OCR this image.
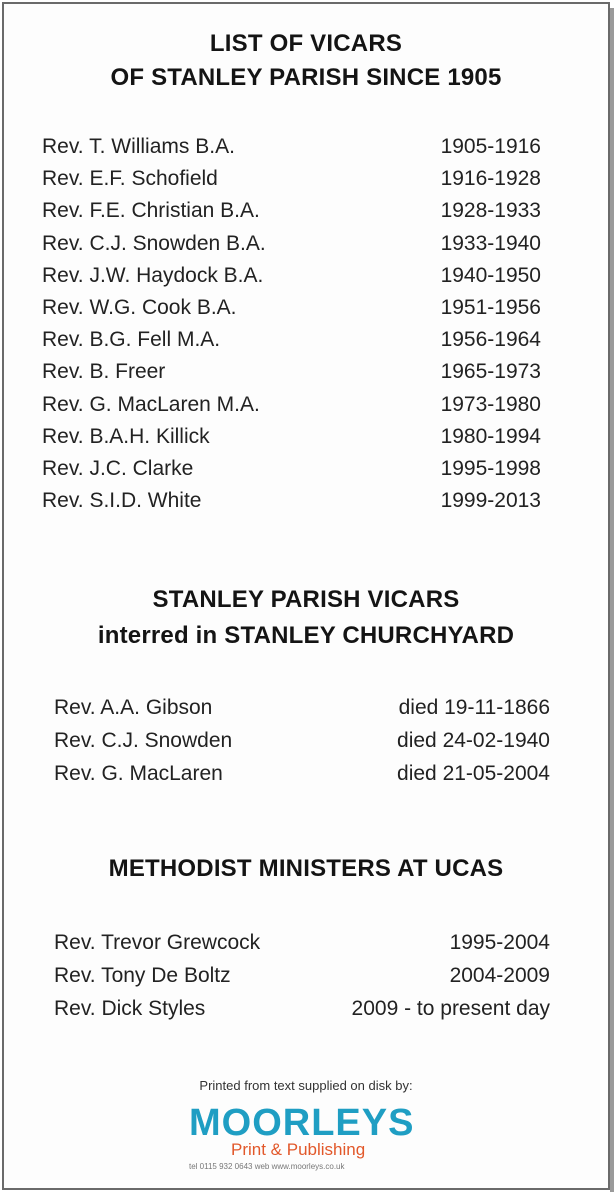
LIST OF VICARS
OF STANLEY PARISH SINCE 1905
Rev. T. Williams B.A.	1905-1916
Rev. E.F. Schofield	1916-1928
Rev. F.E. Christian B.A.	1928-1933
Rev. C.J. Snowden B.A.	1933-1940
Rev. J.W. Haydock B.A.	1940-1950
Rev. W.G. Cook B.A.	1951-1956
Rev. B.G. Fell M.A.	1956-1964
Rev. B. Freer	1965-1973
Rev. G. MacLaren M.A.	1973-1980
Rev. B.A.H. Killick	1980-1994
Rev. J.C. Clarke	1995-1998
Rev. S.I.D. White	1999-2013
STANLEY PARISH VICARS
interred in STANLEY CHURCHYARD
Rev. A.A. Gibson	died 19-11-1866
Rev. C.J. Snowden	died 24-02-1940
Rev. G. MacLaren	died 21-05-2004
METHODIST MINISTERS AT UCAS
Rev. Trevor Grewcock	1995-2004
Rev. Tony De Boltz	2004-2009
Rev. Dick Styles	2009 - to present day
Printed from text supplied on disk by:
MOORLEYS
Print & Publishing
tel 0115 932 0643 web www.moorleys.co.uk
